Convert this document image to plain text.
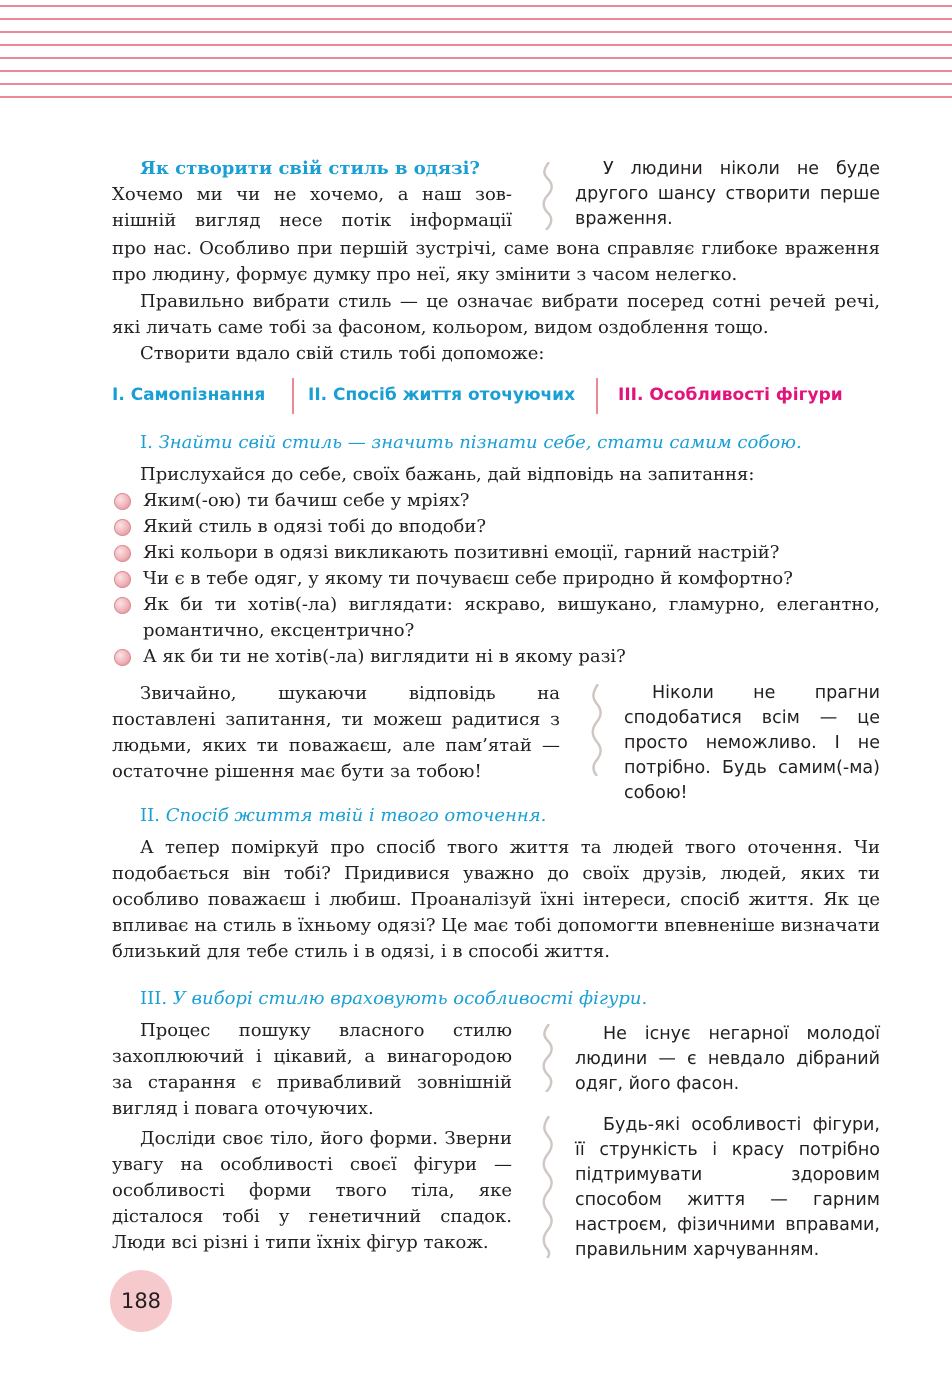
Як створити свій стиль в одязі?
Хочемо ми чи не хочемо, а наш зов-
нішній вигляд несе потік інформації
У людини ніколи не буде другого шансу створити перше враження.
про нас. Особливо при першій зустрічі, саме вона справляє глибоке враження про людину, формує думку про неї, яку змінити з часом нелегко.
Правильно вибрати стиль — це означає вибрати посеред сотні речей речі, які личать саме тобі за фасоном, кольором, видом оздоблення тощо.
Створити вдало свій стиль тобі допоможе:
І. Самопізнання	ІІ. Спосіб життя оточуючих	ІІІ. Особливості фігури
І. Знайти свій стиль — значить пізнати себе, стати самим собою.
Прислухайся до себе, своїх бажань, дай відповідь на запитання:
Яким(-ою) ти бачиш себе у мріях?
Який стиль в одязі тобі до вподоби?
Які кольори в одязі викликають позитивні емоції, гарний настрій?
Чи є в тебе одяг, у якому ти почуваєш себе природно й комфортно?
Як би ти хотів(-ла) виглядати: яскраво, вишукано, гламурно, елегантно, романтично, ексцентрично?
А як би ти не хотів(-ла) виглядити ні в якому разі?
Звичайно, шукаючи відповідь на поставлені запитання, ти можеш радитися з людьми, яких ти поважаєш, але пам’ятай — остаточне рішення має бути за тобою!
Ніколи не прагни сподобатися всім — це просто неможливо. І не потрібно. Будь самим(-ма) собою!
ІІ. Спосіб життя твій і твого оточення.
А тепер поміркуй про спосіб твого життя та людей твого оточення. Чи подобається він тобі? Придивися уважно до своїх друзів, людей, яких ти особливо поважаєш і любиш. Проаналізуй їхні інтереси, спосіб життя. Як це впливає на стиль в їхньому одязі? Це має тобі допомогти впевненіше визначати близький для тебе стиль і в одязі, і в способі життя.
ІІІ. У виборі стилю враховують особливості фігури.
Процес пошуку власного стилю захоплюючий і цікавий, а винагородою за старання є привабливий зовнішній вигляд і повага оточуючих.
Досліди своє тіло, його форми. Зверни увагу на особливості своєї фігури — особливості форми твого тіла, яке дісталося тобі у генетичний спадок. Люди всі різні і типи їхніх фігур також.
Не існує негарної молодої людини — є невдало дібраний одяг, його фасон.
Будь-які особливості фігури, її стрункість і красу потрібно підтримувати здоровим способом життя — гарним настроєм, фізичними вправами, правильним харчуванням.
188
